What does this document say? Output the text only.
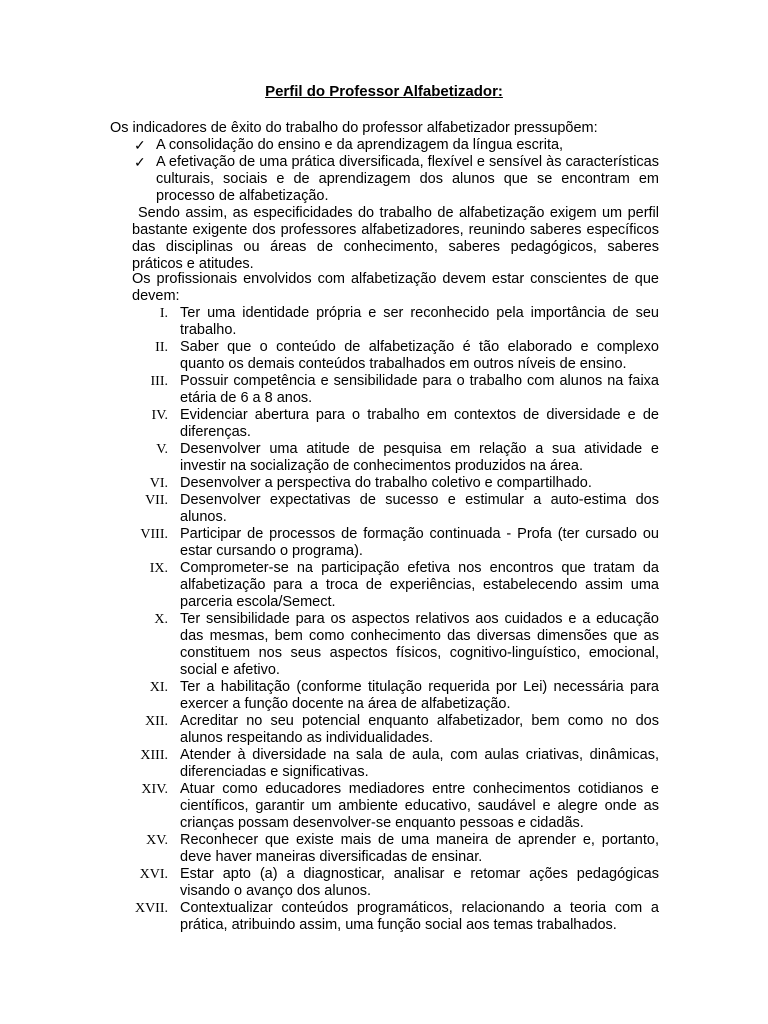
Perfil do Professor Alfabetizador:
Os indicadores de êxito do trabalho do professor alfabetizador pressupõem:
✓ A consolidação do ensino e da aprendizagem da língua escrita,
✓ A efetivação de uma prática diversificada, flexível e sensível às características culturais, sociais e de aprendizagem dos alunos que se encontram em processo de alfabetização.
Sendo assim, as especificidades do trabalho de alfabetização exigem um perfil bastante exigente dos professores alfabetizadores, reunindo saberes específicos das disciplinas ou áreas de conhecimento, saberes pedagógicos, saberes práticos e atitudes.
Os profissionais envolvidos com alfabetização devem estar conscientes de que devem:
I. Ter uma identidade própria e ser reconhecido pela importância de seu trabalho.
II. Saber que o conteúdo de alfabetização é tão elaborado e complexo quanto os demais conteúdos trabalhados em outros níveis de ensino.
III. Possuir competência e sensibilidade para o trabalho com alunos na faixa etária de 6 a 8 anos.
IV. Evidenciar abertura para o trabalho em contextos de diversidade e de diferenças.
V. Desenvolver uma atitude de pesquisa em relação a sua atividade e investir na socialização de conhecimentos produzidos na área.
VI. Desenvolver a perspectiva do trabalho coletivo e compartilhado.
VII. Desenvolver expectativas de sucesso e estimular a auto-estima dos alunos.
VIII. Participar de processos de formação continuada - Profa (ter cursado ou estar cursando o programa).
IX. Comprometer-se na participação efetiva nos encontros que tratam da alfabetização para a troca de experiências, estabelecendo assim uma parceria escola/Semect.
X. Ter sensibilidade para os aspectos relativos aos cuidados e a educação das mesmas, bem como conhecimento das diversas dimensões que as constituem nos seus aspectos físicos, cognitivo-linguístico, emocional, social e afetivo.
XI. Ter a habilitação (conforme titulação requerida por Lei) necessária para exercer a função docente na área de alfabetização.
XII. Acreditar no seu potencial enquanto alfabetizador, bem como no dos alunos respeitando as individualidades.
XIII. Atender à diversidade na sala de aula, com aulas criativas, dinâmicas, diferenciadas e significativas.
XIV. Atuar como educadores mediadores entre conhecimentos cotidianos e científicos, garantir um ambiente educativo, saudável e alegre onde as crianças possam desenvolver-se enquanto pessoas e cidadãs.
XV. Reconhecer que existe mais de uma maneira de aprender e, portanto, deve haver maneiras diversificadas de ensinar.
XVI. Estar apto (a) a diagnosticar, analisar e retomar ações pedagógicas visando o avanço dos alunos.
XVII. Contextualizar conteúdos programáticos, relacionando a teoria com a prática, atribuindo assim, uma função social aos temas trabalhados.
